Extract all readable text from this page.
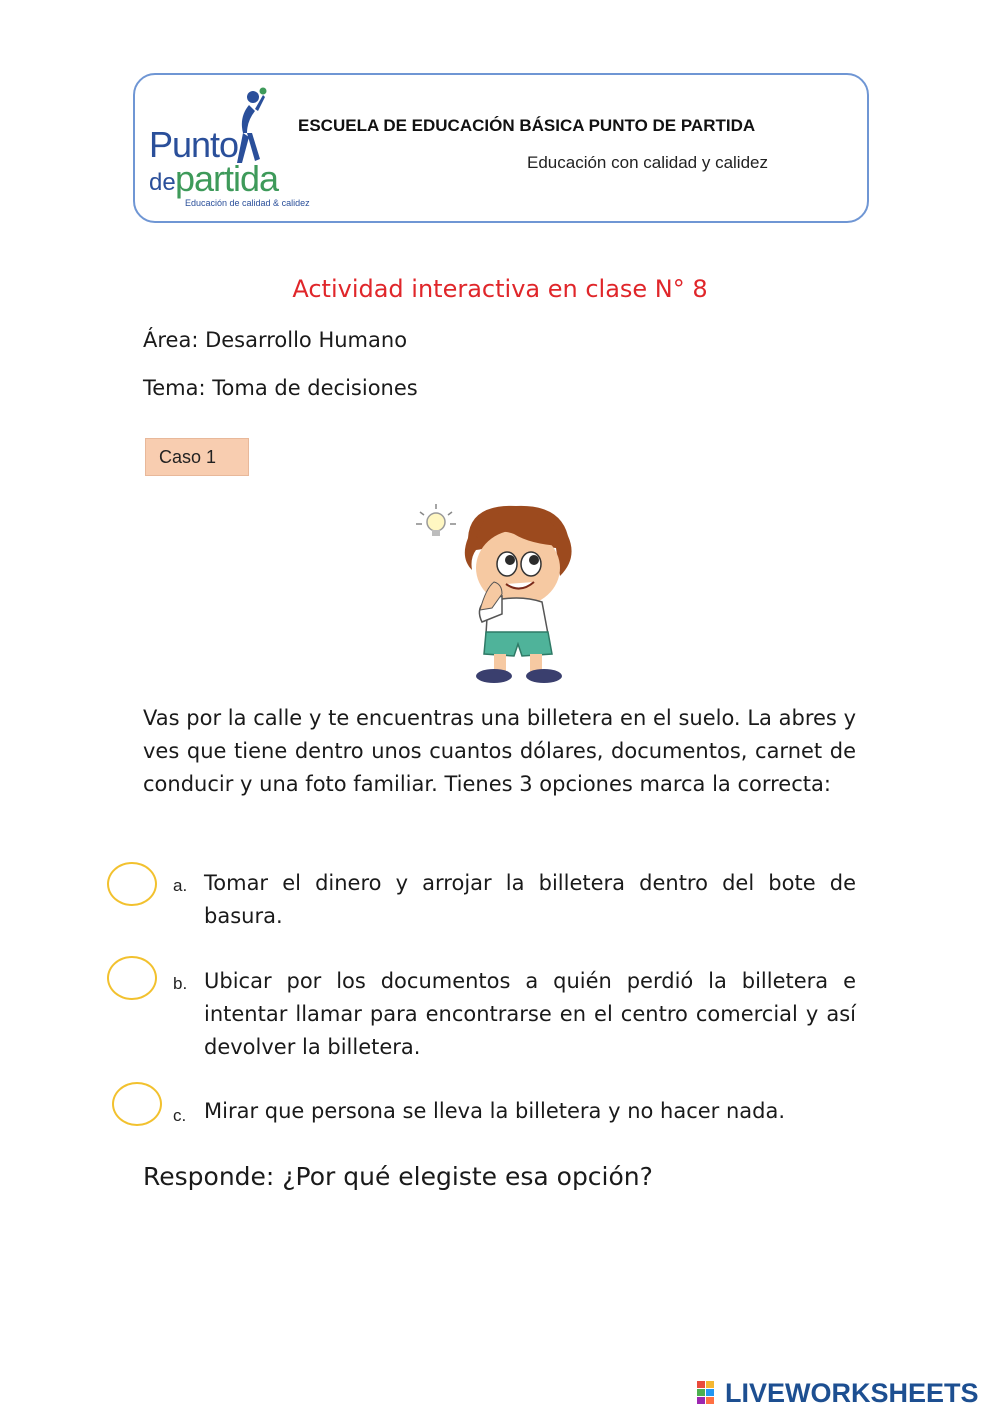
Punto
de partida
Educación de calidad & calidez
ESCUELA DE EDUCACIÓN BÁSICA PUNTO DE PARTIDA
Educación con calidad y calidez
Actividad interactiva en clase N° 8
Área: Desarrollo Humano
Tema: Toma de decisiones
Caso 1
Vas por la calle y te encuentras una billetera en el suelo. La abres y ves que tiene dentro unos cuantos dólares, documentos, carnet de conducir y una foto familiar. Tienes 3 opciones marca la correcta:
a. Tomar el dinero y arrojar la billetera dentro del bote de basura.
b. Ubicar por los documentos a quién perdió la billetera e intentar llamar para encontrarse en el centro comercial y así devolver la billetera.
c. Mirar que persona se lleva la billetera y no hacer nada.
Responde: ¿Por qué elegiste esa opción?
LIVEWORKSHEETS
